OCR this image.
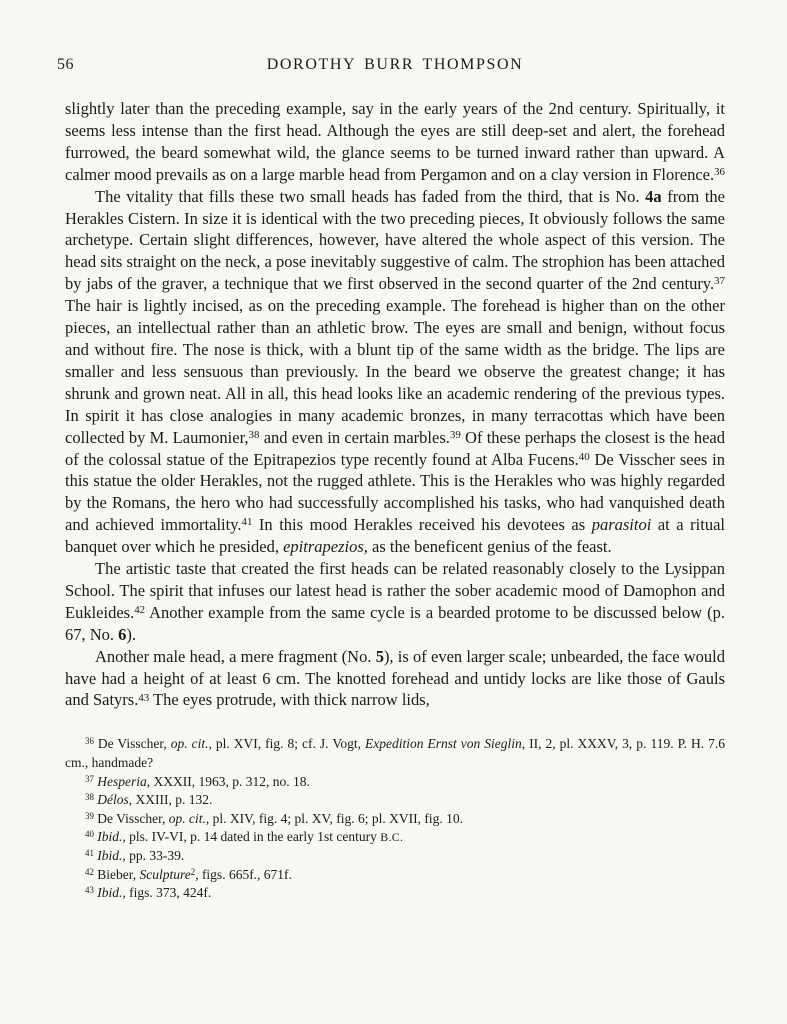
56	DOROTHY BURR THOMPSON

slightly later than the preceding example, say in the early years of the 2nd century. Spiritually, it seems less intense than the first head. Although the eyes are still deep-set and alert, the forehead furrowed, the beard somewhat wild, the glance seems to be turned inward rather than upward. A calmer mood prevails as on a large marble head from Pergamon and on a clay version in Florence.$^{36}$

The vitality that fills these two small heads has faded from the third, that is No. 4a from the Herakles Cistern. In size it is identical with the two preceding pieces, It obviously follows the same archetype. Certain slight differences, however, have altered the whole aspect of this version. The head sits straight on the neck, a pose inevitably suggestive of calm. The strophion has been attached by jabs of the graver, a technique that we first observed in the second quarter of the 2nd century.$^{37}$ The hair is lightly incised, as on the preceding example. The forehead is higher than on the other pieces, an intellectual rather than an athletic brow. The eyes are small and benign, without focus and without fire. The nose is thick, with a blunt tip of the same width as the bridge. The lips are smaller and less sensuous than previously. In the beard we observe the greatest change; it has shrunk and grown neat. All in all, this head looks like an academic rendering of the previous types. In spirit it has close analogies in many academic bronzes, in many terracottas which have been collected by M. Laumonier,$^{38}$ and even in certain marbles.$^{39}$ Of these perhaps the closest is the head of the colossal statue of the Epitrapezios type recently found at Alba Fucens.$^{40}$ De Visscher sees in this statue the older Herakles, not the rugged athlete. This is the Herakles who was highly regarded by the Romans, the hero who had successfully accomplished his tasks, who had vanquished death and achieved immortality.$^{41}$ In this mood Herakles received his devotees as parasitoi at a ritual banquet over which he presided, epitrapezios, as the beneficent genius of the feast.

The artistic taste that created the first heads can be related reasonably closely to the Lysippan School. The spirit that infuses our latest head is rather the sober academic mood of Damophon and Eukleides.$^{42}$ Another example from the same cycle is a bearded protome to be discussed below (p. 67, No. 6).

Another male head, a mere fragment (No. 5), is of even larger scale; unbearded, the face would have had a height of at least 6 cm. The knotted forehead and untidy locks are like those of Gauls and Satyrs.$^{43}$ The eyes protrude, with thick narrow lids,

$^{36}$ De Visscher, op. cit., pl. XVI, fig. 8; cf. J. Vogt, Expedition Ernst von Sieglin, II, 2, pl. XXXV, 3, p. 119. P. H. 7.6 cm., handmade?

$^{37}$ Hesperia, XXXII, 1963, p. 312, no. 18.

$^{38}$ Délos, XXIII, p. 132.

$^{39}$ De Visscher, op. cit., pl. XIV, fig. 4; pl. XV, fig. 6; pl. XVII, fig. 10.

$^{40}$ Ibid., pls. IV-VI, p. 14 dated in the early 1st century B.C.

$^{41}$ Ibid., pp. 33-39.

$^{42}$ Bieber, Sculpture$^2$, figs. 665f., 671f.

$^{43}$ Ibid., figs. 373, 424f.
